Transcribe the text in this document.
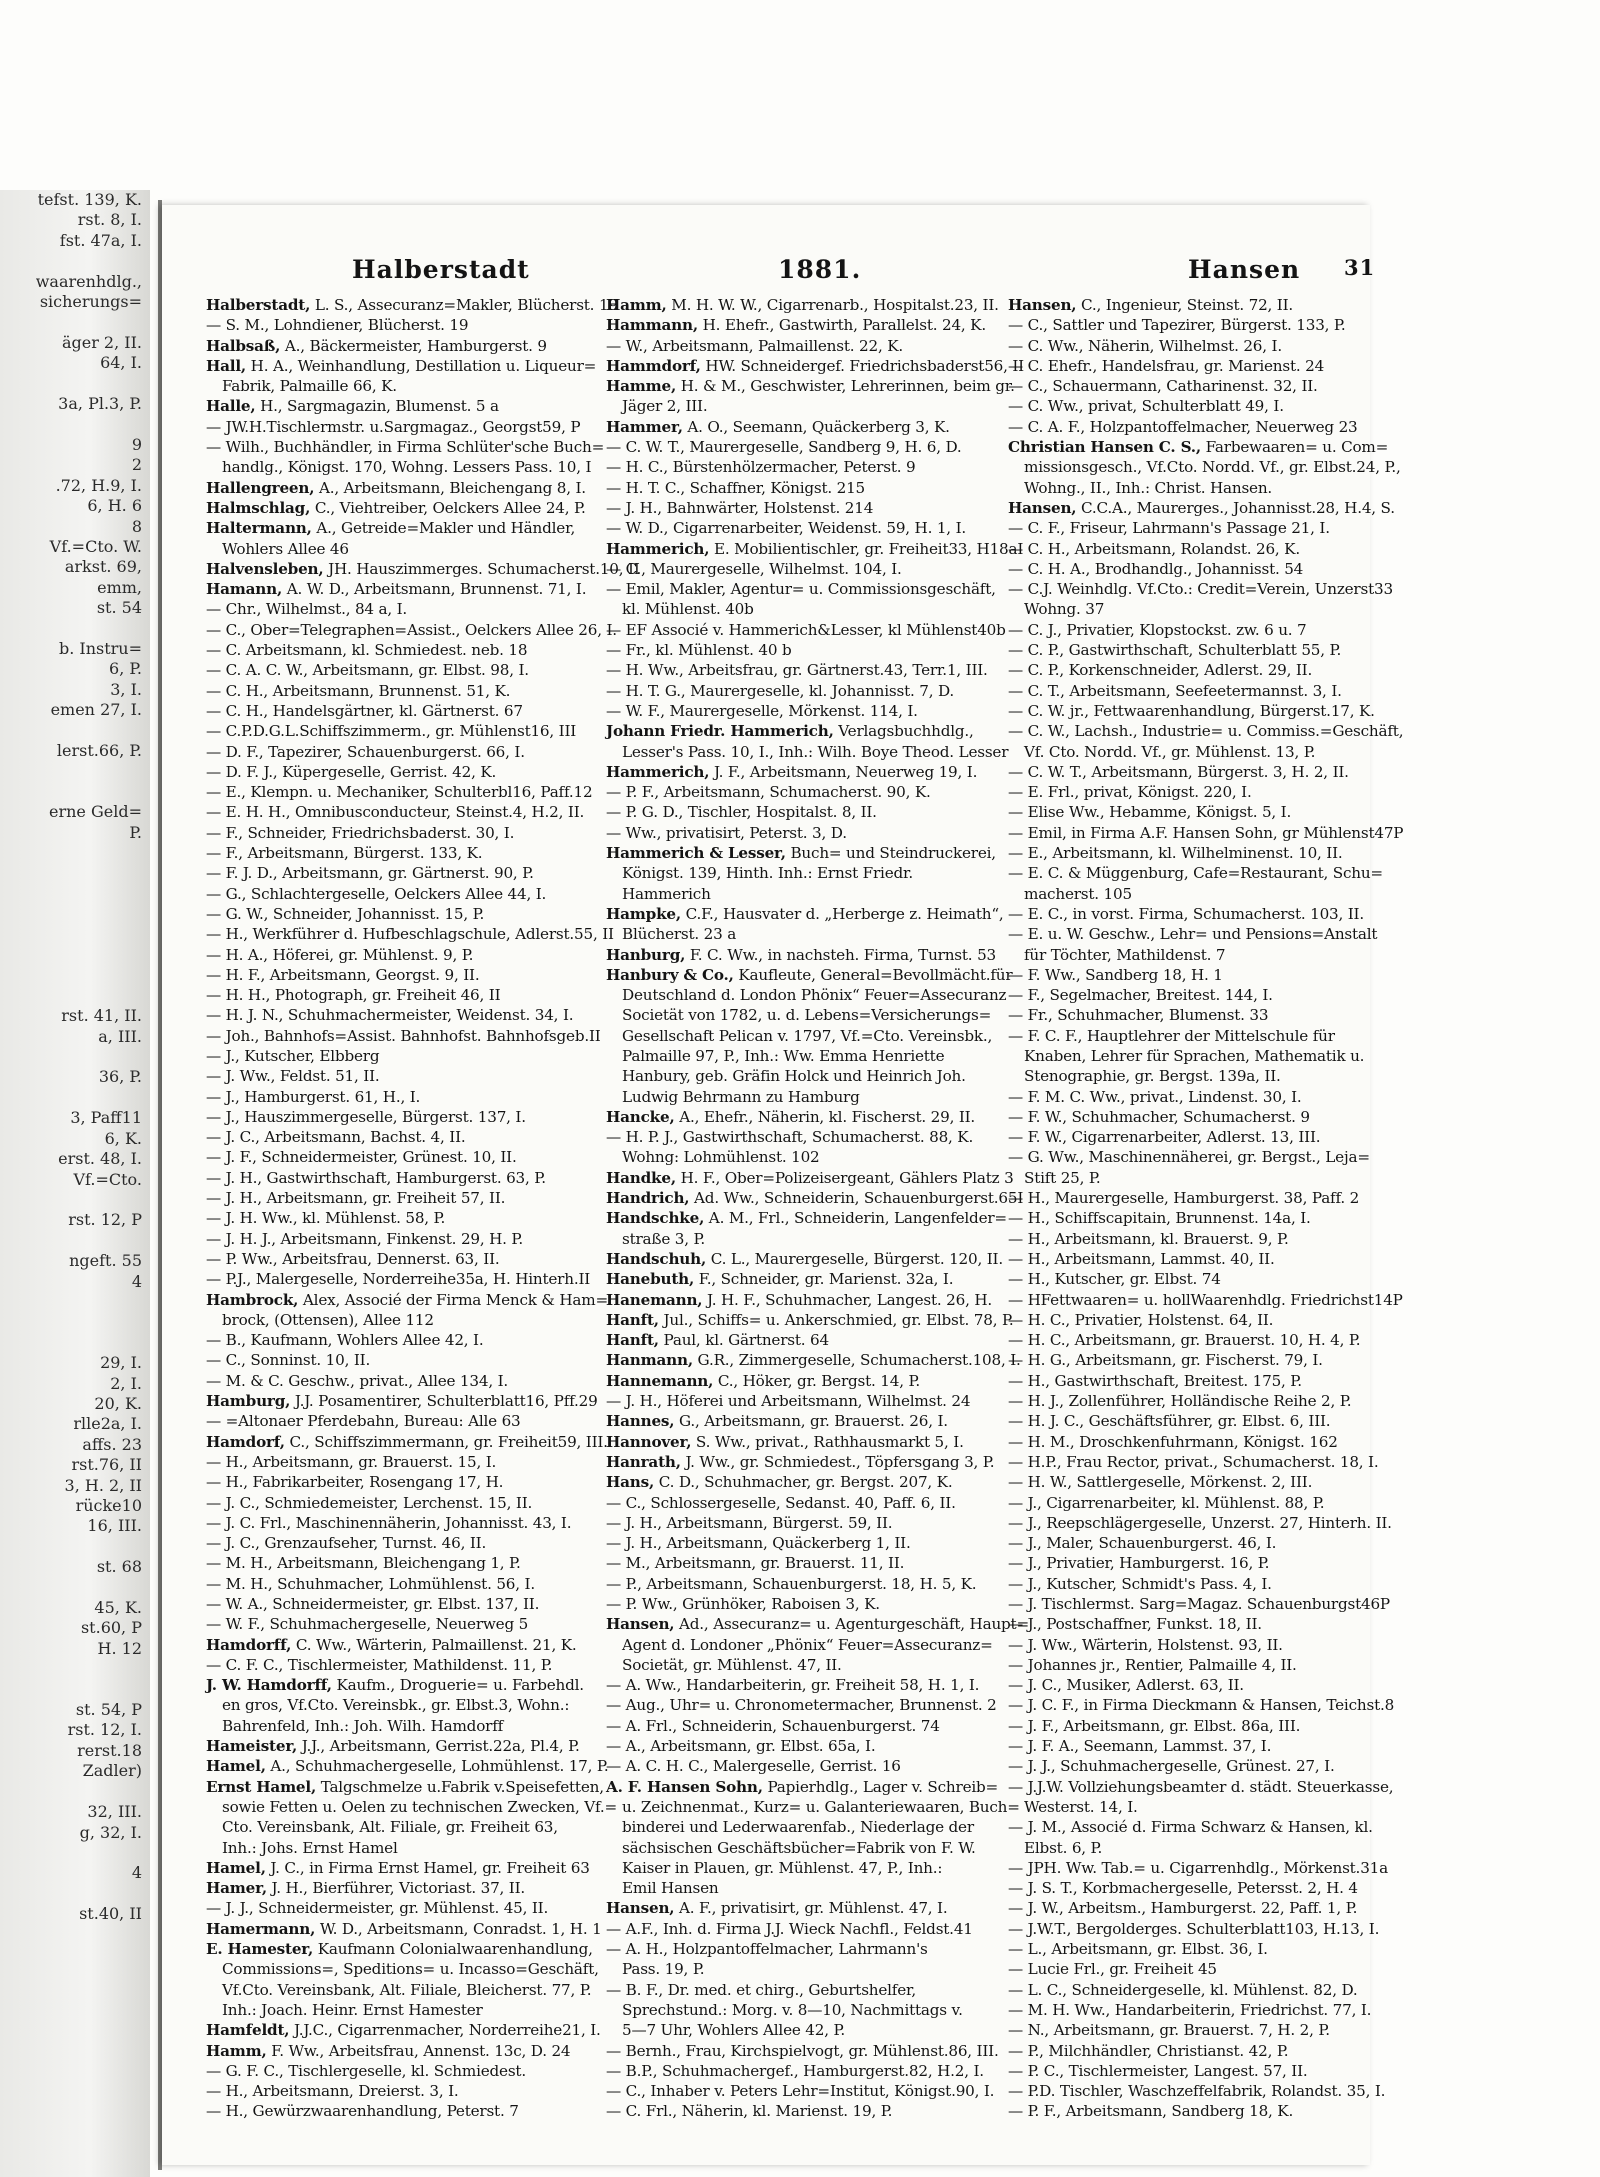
tefst. 139, K.
rst. 8, I.
fst. 47a, I.

waarenhdlg.,
sicherungs=

äger 2, II.
64, I.

3a, Pl.3, P.

9
2
.72, H.9, I.
6, H. 6
8
Vf.=Cto. W.
arkst. 69,
emm,
st. 54

b. Instru=
6, P.
3, I.
emen 27, I.

lerst.66, P.

erne Geld=
P.

rst. 41, II.
a, III.

36, P.

3, Paff11
6, K.
erst. 48, I.
Vf.=Cto.

rst. 12, P

ngeft. 55
4

29, I.
2, I.
20, K.
rlle2a, I.
affs. 23
rst.76, II
3, H. 2, II
rücke10
16, III.

st. 68

45, K.
st.60, P
H. 12

st. 54, P
rst. 12, I.
rerst.18
Zadler)

32, III.
g, 32, I.

4

st.40, II
Halberstadt	1881.	Hansen 31
Halberstadt, L. S., Assecuranz=Makler, Blücherst. 19
— S. M., Lohndiener, Blücherst. 19
Halbsaß, A., Bäckermeister, Hamburgerst. 9
Hall, H. A., Weinhandlung, Destillation u. Liqueur=
Fabrik, Palmaille 66, K.
Halle, H., Sargmagazin, Blumenst. 5 a
— JW.H.Tischlermstr. u.Sargmagaz., Georgst59, P
— Wilh., Buchhändler, in Firma Schlüter'sche Buch=
handlg., Königst. 170, Wohng. Lessers Pass. 10, I
Hallengreen, A., Arbeitsmann, Bleichengang 8, I.
Halmschlag, C., Viehtreiber, Oelckers Allee 24, P.
Haltermann, A., Getreide=Makler und Händler,
Wohlers Allee 46
Halvensleben, JH. Hauszimmerges. Schumacherst.10, II
Hamann, A. W. D., Arbeitsmann, Brunnenst. 71, I.
— Chr., Wilhelmst., 84 a, I.
— C., Ober=Telegraphen=Assist., Oelckers Allee 26, I.
— C. Arbeitsmann, kl. Schmiedest. neb. 18
— C. A. C. W., Arbeitsmann, gr. Elbst. 98, I.
— C. H., Arbeitsmann, Brunnenst. 51, K.
— C. H., Handelsgärtner, kl. Gärtnerst. 67
— C.P.D.G.L.Schiffszimmerm., gr. Mühlenst16, III
— D. F., Tapezirer, Schauenburgerst. 66, I.
— D. F. J., Küpergeselle, Gerrist. 42, K.
— E., Klempn. u. Mechaniker, Schulterbl16, Paff.12
— E. H. H., Omnibusconducteur, Steinst.4, H.2, II.
— F., Schneider, Friedrichsbaderst. 30, I.
— F., Arbeitsmann, Bürgerst. 133, K.
— F. J. D., Arbeitsmann, gr. Gärtnerst. 90, P.
— G., Schlachtergeselle, Oelckers Allee 44, I.
— G. W., Schneider, Johannisst. 15, P.
— H., Werkführer d. Hufbeschlagschule, Adlerst.55, II
— H. A., Höferei, gr. Mühlenst. 9, P.
— H. F., Arbeitsmann, Georgst. 9, II.
— H. H., Photograph, gr. Freiheit 46, II
— H. J. N., Schuhmachermeister, Weidenst. 34, I.
— Joh., Bahnhofs=Assist. Bahnhofst. Bahnhofsgeb.II
— J., Kutscher, Elbberg
— J. Ww., Feldst. 51, II.
— J., Hamburgerst. 61, H., I.
— J., Hauszimmergeselle, Bürgerst. 137, I.
— J. C., Arbeitsmann, Bachst. 4, II.
— J. F., Schneidermeister, Grünest. 10, II.
— J. H., Gastwirthschaft, Hamburgerst. 63, P.
— J. H., Arbeitsmann, gr. Freiheit 57, II.
— J. H. Ww., kl. Mühlenst. 58, P.
— J. H. J., Arbeitsmann, Finkenst. 29, H. P.
— P. Ww., Arbeitsfrau, Dennerst. 63, II.
— P.J., Malergeselle, Norderreihe35a, H. Hinterh.II
Hambrock, Alex, Associé der Firma Menck & Ham=
brock, (Ottensen), Allee 112
— B., Kaufmann, Wohlers Allee 42, I.
— C., Sonninst. 10, II.
— M. & C. Geschw., privat., Allee 134, I.
Hamburg, J.J. Posamentirer, Schulterblatt16, Pff.29
— =Altonaer Pferdebahn, Bureau: Alle 63
Hamdorf, C., Schiffszimmermann, gr. Freiheit59, III.
— H., Arbeitsmann, gr. Brauerst. 15, I.
— H., Fabrikarbeiter, Rosengang 17, H.
— J. C., Schmiedemeister, Lerchenst. 15, II.
— J. C. Frl., Maschinennäherin, Johannisst. 43, I.
— J. C., Grenzaufseher, Turnst. 46, II.
— M. H., Arbeitsmann, Bleichengang 1, P.
— M. H., Schuhmacher, Lohmühlenst. 56, I.
— W. A., Schneidermeister, gr. Elbst. 137, II.
— W. F., Schuhmachergeselle, Neuerweg 5
Hamdorff, C. Ww., Wärterin, Palmaillenst. 21, K.
— C. F. C., Tischlermeister, Mathildenst. 11, P.
J. W. Hamdorff, Kaufm., Droguerie= u. Farbehdl.
en gros, Vf.Cto. Vereinsbk., gr. Elbst.3, Wohn.:
Bahrenfeld, Inh.: Joh. Wilh. Hamdorff
Hameister, J.J., Arbeitsmann, Gerrist.22a, Pl.4, P.
Hamel, A., Schuhmachergeselle, Lohmühlenst. 17, P.
Ernst Hamel, Talgschmelze u.Fabrik v.Speisefetten,
sowie Fetten u. Oelen zu technischen Zwecken, Vf.=
Cto. Vereinsbank, Alt. Filiale, gr. Freiheit 63,
Inh.: Johs. Ernst Hamel
Hamel, J. C., in Firma Ernst Hamel, gr. Freiheit 63
Hamer, J. H., Bierführer, Victoriast. 37, II.
— J. J., Schneidermeister, gr. Mühlenst. 45, II.
Hamermann, W. D., Arbeitsmann, Conradst. 1, H. 1
E. Hamester, Kaufmann Colonialwaarenhandlung,
Commissions=, Speditions= u. Incasso=Geschäft,
Vf.Cto. Vereinsbank, Alt. Filiale, Bleicherst. 77, P.
Inh.: Joach. Heinr. Ernst Hamester
Hamfeldt, J.J.C., Cigarrenmacher, Norderreihe21, I.
Hamm, F. Ww., Arbeitsfrau, Annenst. 13c, D. 24
— G. F. C., Tischlergeselle, kl. Schmiedest.
— H., Arbeitsmann, Dreierst. 3, I.
— H., Gewürzwaarenhandlung, Peterst. 7
Hamm, M. H. W. W., Cigarrenarb., Hospitalst.23, II.
Hammann, H. Ehefr., Gastwirth, Parallelst. 24, K.
— W., Arbeitsmann, Palmaillenst. 22, K.
Hammdorf, HW. Schneidergef. Friedrichsbaderst56, II
Hamme, H. & M., Geschwister, Lehrerinnen, beim gr.
Jäger 2, III.
Hammer, A. O., Seemann, Quäckerberg 3, K.
— C. W. T., Maurergeselle, Sandberg 9, H. 6, D.
— H. C., Bürstenhölzermacher, Peterst. 9
— H. T. C., Schaffner, Königst. 215
— J. H., Bahnwärter, Holstenst. 214
— W. D., Cigarrenarbeiter, Weidenst. 59, H. 1, I.
Hammerich, E. Mobilientischler, gr. Freiheit33, H18aI
— C., Maurergeselle, Wilhelmst. 104, I.
— Emil, Makler, Agentur= u. Commissionsgeschäft,
kl. Mühlenst. 40b
— EF Associé v. Hammerich&Lesser, kl Mühlenst40b
— Fr., kl. Mühlenst. 40 b
— H. Ww., Arbeitsfrau, gr. Gärtnerst.43, Terr.1, III.
— H. T. G., Maurergeselle, kl. Johannisst. 7, D.
— W. F., Maurergeselle, Mörkenst. 114, I.
Johann Friedr. Hammerich, Verlagsbuchhdlg.,
Lesser's Pass. 10, I., Inh.: Wilh. Boye Theod. Lesser
Hammerich, J. F., Arbeitsmann, Neuerweg 19, I.
— P. F., Arbeitsmann, Schumacherst. 90, K.
— P. G. D., Tischler, Hospitalst. 8, II.
— Ww., privatisirt, Peterst. 3, D.
Hammerich & Lesser, Buch= und Steindruckerei,
Königst. 139, Hinth. Inh.: Ernst Friedr.
Hammerich
Hampke, C.F., Hausvater d. „Herberge z. Heimath“,
Blücherst. 23 a
Hanburg, F. C. Ww., in nachsteh. Firma, Turnst. 53
Hanbury & Co., Kaufleute, General=Bevollmächt.für
Deutschland d. London Phönix“ Feuer=Assecuranz
Societät von 1782, u. d. Lebens=Versicherungs=
Gesellschaft Pelican v. 1797, Vf.=Cto. Vereinsbk.,
Palmaille 97, P., Inh.: Ww. Emma Henriette
Hanbury, geb. Gräfin Holck und Heinrich Joh.
Ludwig Behrmann zu Hamburg
Hancke, A., Ehefr., Näherin, kl. Fischerst. 29, II.
— H. P. J., Gastwirthschaft, Schumacherst. 88, K.
Wohng: Lohmühlenst. 102
Handke, H. F., Ober=Polizeisergeant, Gählers Platz 3
Handrich, Ad. Ww., Schneiderin, Schauenburgerst.65I
Handschke, A. M., Frl., Schneiderin, Langenfelder=
straße 3, P.
Handschuh, C. L., Maurergeselle, Bürgerst. 120, II.
Hanebuth, F., Schneider, gr. Marienst. 32a, I.
Hanemann, J. H. F., Schuhmacher, Langest. 26, H.
Hanft, Jul., Schiffs= u. Ankerschmied, gr. Elbst. 78, P.
Hanft, Paul, kl. Gärtnerst. 64
Hanmann, G.R., Zimmergeselle, Schumacherst.108, I.
Hannemann, C., Höker, gr. Bergst. 14, P.
— J. H., Höferei und Arbeitsmann, Wilhelmst. 24
Hannes, G., Arbeitsmann, gr. Brauerst. 26, I.
Hannover, S. Ww., privat., Rathhausmarkt 5, I.
Hanrath, J. Ww., gr. Schmiedest., Töpfersgang 3, P.
Hans, C. D., Schuhmacher, gr. Bergst. 207, K.
— C., Schlossergeselle, Sedanst. 40, Paff. 6, II.
— J. H., Arbeitsmann, Bürgerst. 59, II.
— J. H., Arbeitsmann, Quäckerberg 1, II.
— M., Arbeitsmann, gr. Brauerst. 11, II.
— P., Arbeitsmann, Schauenburgerst. 18, H. 5, K.
— P. Ww., Grünhöker, Raboisen 3, K.
Hansen, Ad., Assecuranz= u. Agenturgeschäft, Haupt=
Agent d. Londoner „Phönix“ Feuer=Assecuranz=
Societät, gr. Mühlenst. 47, II.
— A. Ww., Handarbeiterin, gr. Freiheit 58, H. 1, I.
— Aug., Uhr= u. Chronometermacher, Brunnenst. 2
— A. Frl., Schneiderin, Schauenburgerst. 74
— A., Arbeitsmann, gr. Elbst. 65a, I.
— A. C. H. C., Malergeselle, Gerrist. 16
A. F. Hansen Sohn, Papierhdlg., Lager v. Schreib=
u. Zeichnenmat., Kurz= u. Galanteriewaaren, Buch=
binderei und Lederwaarenfab., Niederlage der
sächsischen Geschäftsbücher=Fabrik von F. W.
Kaiser in Plauen, gr. Mühlenst. 47, P., Inh.:
Emil Hansen
Hansen, A. F., privatisirt, gr. Mühlenst. 47, I.
— A.F., Inh. d. Firma J.J. Wieck Nachfl., Feldst.41
— A. H., Holzpantoffelmacher, Lahrmann's
Pass. 19, P.
— B. F., Dr. med. et chirg., Geburtshelfer,
Sprechstund.: Morg. v. 8—10, Nachmittags v.
5—7 Uhr, Wohlers Allee 42, P.
— Bernh., Frau, Kirchspielvogt, gr. Mühlenst.86, III.
— B.P., Schuhmachergef., Hamburgerst.82, H.2, I.
— C., Inhaber v. Peters Lehr=Institut, Königst.90, I.
— C. Frl., Näherin, kl. Marienst. 19, P.
Hansen, C., Ingenieur, Steinst. 72, II.
— C., Sattler und Tapezirer, Bürgerst. 133, P.
— C. Ww., Näherin, Wilhelmst. 26, I.
— C. Ehefr., Handelsfrau, gr. Marienst. 24
— C., Schauermann, Catharinenst. 32, II.
— C. Ww., privat, Schulterblatt 49, I.
— C. A. F., Holzpantoffelmacher, Neuerweg 23
Christian Hansen C. S., Farbewaaren= u. Com=
missionsgesch., Vf.Cto. Nordd. Vf., gr. Elbst.24, P.,
Wohng., II., Inh.: Christ. Hansen.
Hansen, C.C.A., Maurerges., Johannisst.28, H.4, S.
— C. F., Friseur, Lahrmann's Passage 21, I.
— C. H., Arbeitsmann, Rolandst. 26, K.
— C. H. A., Brodhandlg., Johannisst. 54
— C.J. Weinhdlg. Vf.Cto.: Credit=Verein, Unzerst33
Wohng. 37
— C. J., Privatier, Klopstockst. zw. 6 u. 7
— C. P., Gastwirthschaft, Schulterblatt 55, P.
— C. P., Korkenschneider, Adlerst. 29, II.
— C. T., Arbeitsmann, Seefeetermannst. 3, I.
— C. W. jr., Fettwaarenhandlung, Bürgerst.17, K.
— C. W., Lachsh., Industrie= u. Commiss.=Geschäft,
Vf. Cto. Nordd. Vf., gr. Mühlenst. 13, P.
— C. W. T., Arbeitsmann, Bürgerst. 3, H. 2, II.
— E. Frl., privat, Königst. 220, I.
— Elise Ww., Hebamme, Königst. 5, I.
— Emil, in Firma A.F. Hansen Sohn, gr Mühlenst47P
— E., Arbeitsmann, kl. Wilhelminenst. 10, II.
— E. C. & Müggenburg, Cafe=Restaurant, Schu=
macherst. 105
— E. C., in vorst. Firma, Schumacherst. 103, II.
— E. u. W. Geschw., Lehr= und Pensions=Anstalt
für Töchter, Mathildenst. 7
— F. Ww., Sandberg 18, H. 1
— F., Segelmacher, Breitest. 144, I.
— Fr., Schuhmacher, Blumenst. 33
— F. C. F., Hauptlehrer der Mittelschule für
Knaben, Lehrer für Sprachen, Mathematik u.
Stenographie, gr. Bergst. 139a, II.
— F. M. C. Ww., privat., Lindenst. 30, I.
— F. W., Schuhmacher, Schumacherst. 9
— F. W., Cigarrenarbeiter, Adlerst. 13, III.
— G. Ww., Maschinennäherei, gr. Bergst., Leja=
Stift 25, P.
— H., Maurergeselle, Hamburgerst. 38, Paff. 2
— H., Schiffscapitain, Brunnenst. 14a, I.
— H., Arbeitsmann, kl. Brauerst. 9, P.
— H., Arbeitsmann, Lammst. 40, II.
— H., Kutscher, gr. Elbst. 74
— HFettwaaren= u. hollWaarenhdlg. Friedrichst14P
— H. C., Privatier, Holstenst. 64, II.
— H. C., Arbeitsmann, gr. Brauerst. 10, H. 4, P.
— H. G., Arbeitsmann, gr. Fischerst. 79, I.
— H., Gastwirthschaft, Breitest. 175, P.
— H. J., Zollenführer, Holländische Reihe 2, P.
— H. J. C., Geschäftsführer, gr. Elbst. 6, III.
— H. M., Droschkenfuhrmann, Königst. 162
— H.P., Frau Rector, privat., Schumacherst. 18, I.
— H. W., Sattlergeselle, Mörkenst. 2, III.
— J., Cigarrenarbeiter, kl. Mühlenst. 88, P.
— J., Reepschlägergeselle, Unzerst. 27, Hinterh. II.
— J., Maler, Schauenburgerst. 46, I.
— J., Privatier, Hamburgerst. 16, P.
— J., Kutscher, Schmidt's Pass. 4, I.
— J. Tischlermst. Sarg=Magaz. Schauenburgst46P
— J., Postschaffner, Funkst. 18, II.
— J. Ww., Wärterin, Holstenst. 93, II.
— Johannes jr., Rentier, Palmaille 4, II.
— J. C., Musiker, Adlerst. 63, II.
— J. C. F., in Firma Dieckmann & Hansen, Teichst.8
— J. F., Arbeitsmann, gr. Elbst. 86a, III.
— J. F. A., Seemann, Lammst. 37, I.
— J. J., Schuhmachergeselle, Grünest. 27, I.
— J.J.W. Vollziehungsbeamter d. städt. Steuerkasse,
Westerst. 14, I.
— J. M., Associé d. Firma Schwarz & Hansen, kl.
Elbst. 6, P.
— JPH. Ww. Tab.= u. Cigarrenhdlg., Mörkenst.31a
— J. S. T., Korbmachergeselle, Petersst. 2, H. 4
— J. W., Arbeitsm., Hamburgerst. 22, Paff. 1, P.
— J.W.T., Bergolderges. Schulterblatt103, H.13, I.
— L., Arbeitsmann, gr. Elbst. 36, I.
— Lucie Frl., gr. Freiheit 45
— L. C., Schneidergeselle, kl. Mühlenst. 82, D.
— M. H. Ww., Handarbeiterin, Friedrichst. 77, I.
— N., Arbeitsmann, gr. Brauerst. 7, H. 2, P.
— P., Milchhändler, Christianst. 42, P.
— P. C., Tischlermeister, Langest. 57, II.
— P.D. Tischler, Waschzeffelfabrik, Rolandst. 35, I.
— P. F., Arbeitsmann, Sandberg 18, K.
